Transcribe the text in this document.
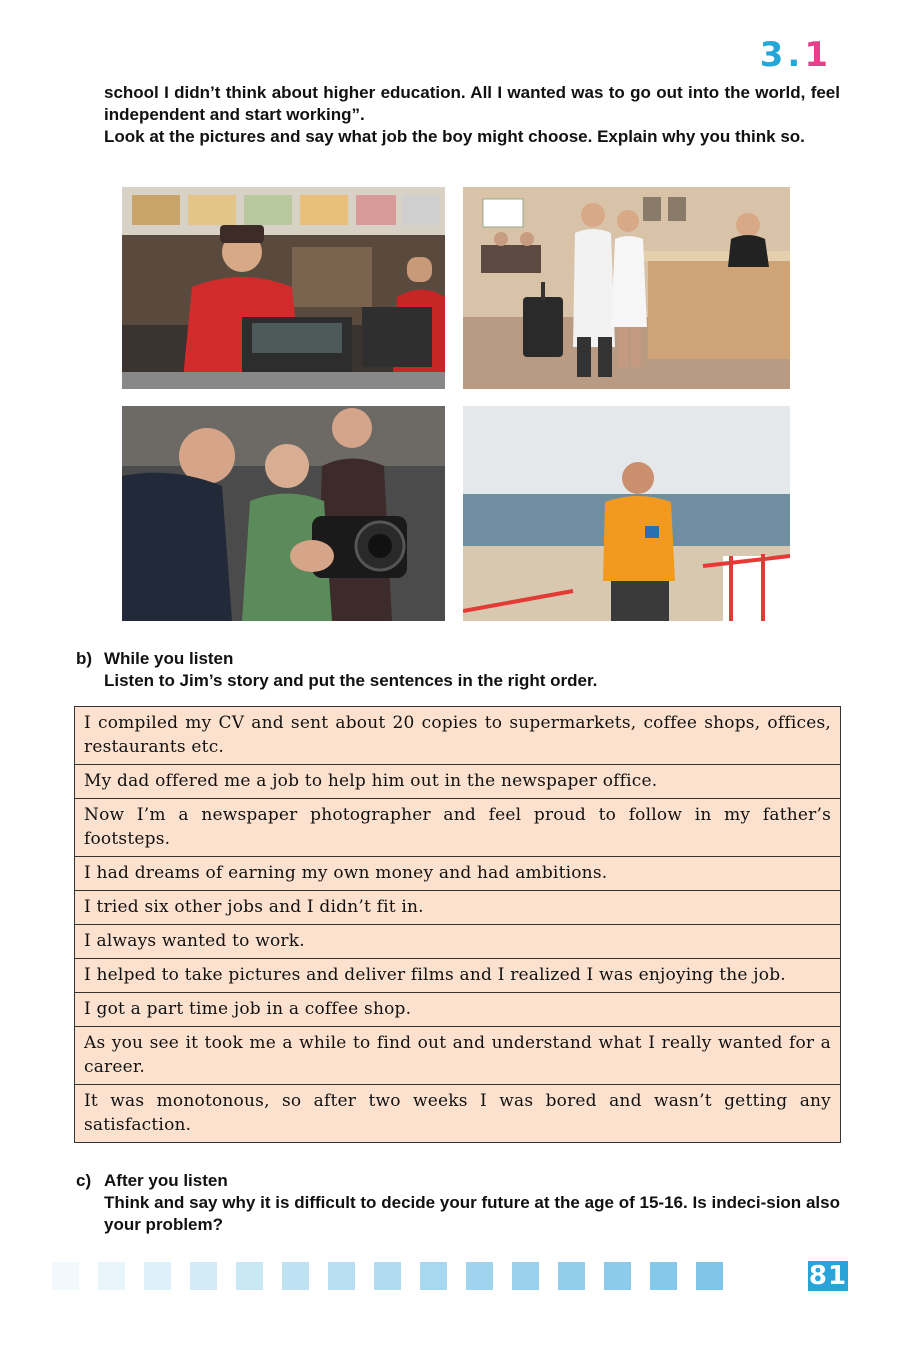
3.1

school I didn’t think about higher education. All I wanted was to go out into the world, feel independent and start working”.

Look at the pictures and say what job the boy might choose. Explain why you think so.

b) While you listen

Listen to Jim’s story and put the sentences in the right order.

I compiled my CV and sent about 20 copies to supermarkets, coffee shops, offices, restaurants etc.
My dad offered me a job to help him out in the newspaper office.
Now I’m a newspaper photographer and feel proud to follow in my father’s footsteps.
I had dreams of earning my own money and had ambitions.
I tried six other jobs and I didn’t fit in.
I always wanted to work.
I helped to take pictures and deliver films and I realized I was enjoying the job.
I got a part time job in a coffee shop.
As you see it took me a while to find out and understand what I really wanted for a career.
It was monotonous, so after two weeks I was bored and wasn’t getting any satisfaction.
c) After you listen

Think and say why it is difficult to decide your future at the age of 15-16. Is indeci-sion also your problem?

81
